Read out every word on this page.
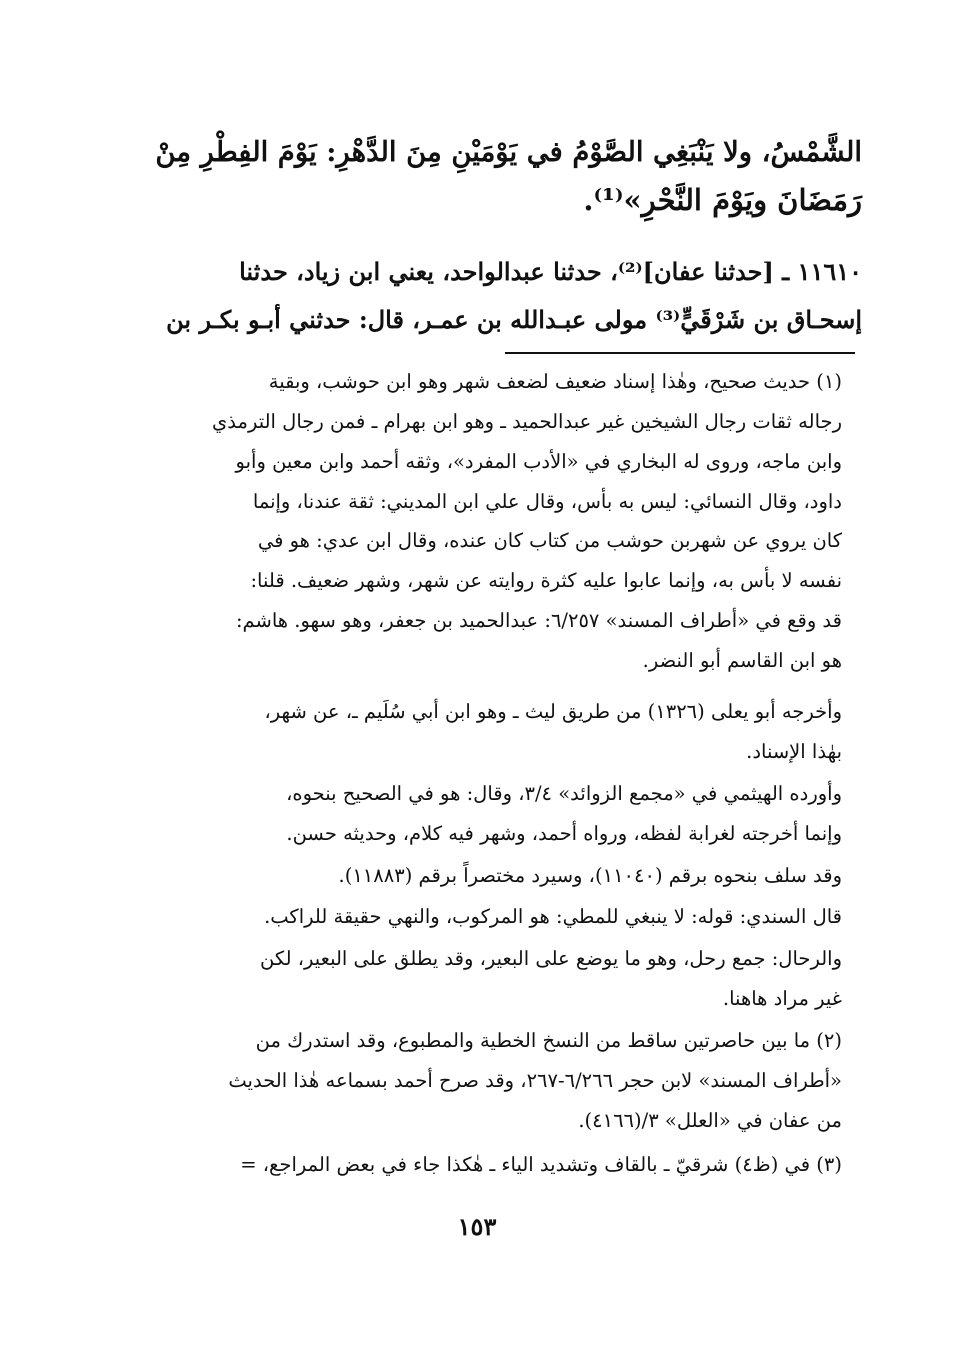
الشَّمْسُ، ولا يَنْبَغِي الصَّوْمُ في يَوْمَيْنِ مِنَ الدَّهْرِ: يَوْمَ الفِطْرِ مِنْ
رَمَضَانَ ويَوْمَ النَّحْرِ»⁽¹⁾.
١١٦١٠ ـ [حدثنا عفان]⁽²⁾، حدثنا عبدالواحد، يعني ابن زياد، حدثنا
إسحـاق بن شَرْقَيٍّ⁽³⁾ مولى عبـدالله بن عمـر، قال: حدثني أبـو بكـر بن
(١) حديث صحيح، وهٰذا إسناد ضعيف لضعف شهر وهو ابن حوشب، وبقية
رجاله ثقات رجال الشيخين غير عبدالحميد ـ وهو ابن بهرام ـ فمن رجال الترمذي
وابن ماجه، وروى له البخاري في «الأدب المفرد»، وثقه أحمد وابن معين وأبو
داود، وقال النسائي: ليس به بأس، وقال علي ابن المديني: ثقة عندنا، وإنما
كان يروي عن شهربن حوشب من كتاب كان عنده، وقال ابن عدي: هو في
نفسه لا بأس به، وإنما عابوا عليه كثرة روايته عن شهر، وشهر ضعيف. قلنا:
قد وقع في «أطراف المسند» ٦/٢٥٧: عبدالحميد بن جعفر، وهو سهو. هاشم:
هو ابن القاسم أبو النضر.
وأخرجه أبو يعلى (١٣٢٦) من طريق ليث ـ وهو ابن أبي سُلَيم ـ، عن شهر،
بهٰذا الإسناد.
وأورده الهيثمي في «مجمع الزوائد» ٣/٤، وقال: هو في الصحيح بنحوه،
وإنما أخرجته لغرابة لفظه، ورواه أحمد، وشهر فيه كلام، وحديثه حسن.
وقد سلف بنحوه برقم (١١٠٤٠)، وسيرد مختصراً برقم (١١٨٨٣).
قال السندي: قوله: لا ينبغي للمطي: هو المركوب، والنهي حقيقة للراكب.
والرحال: جمع رحل، وهو ما يوضع على البعير، وقد يطلق على البعير، لكن
غير مراد هاهنا.
(٢) ما بين حاصرتين ساقط من النسخ الخطية والمطبوع، وقد استدرك من
«أطراف المسند» لابن حجر ٦/٢٦٦-٢٦٧، وقد صرح أحمد بسماعه هٰذا الحديث
من عفان في «العلل» ٣/(٤١٦٦).
(٣) في (ظ٤) شرقيّ ـ بالقاف وتشديد الياء ـ هٰكذا جاء في بعض المراجع، =
١٥٣
